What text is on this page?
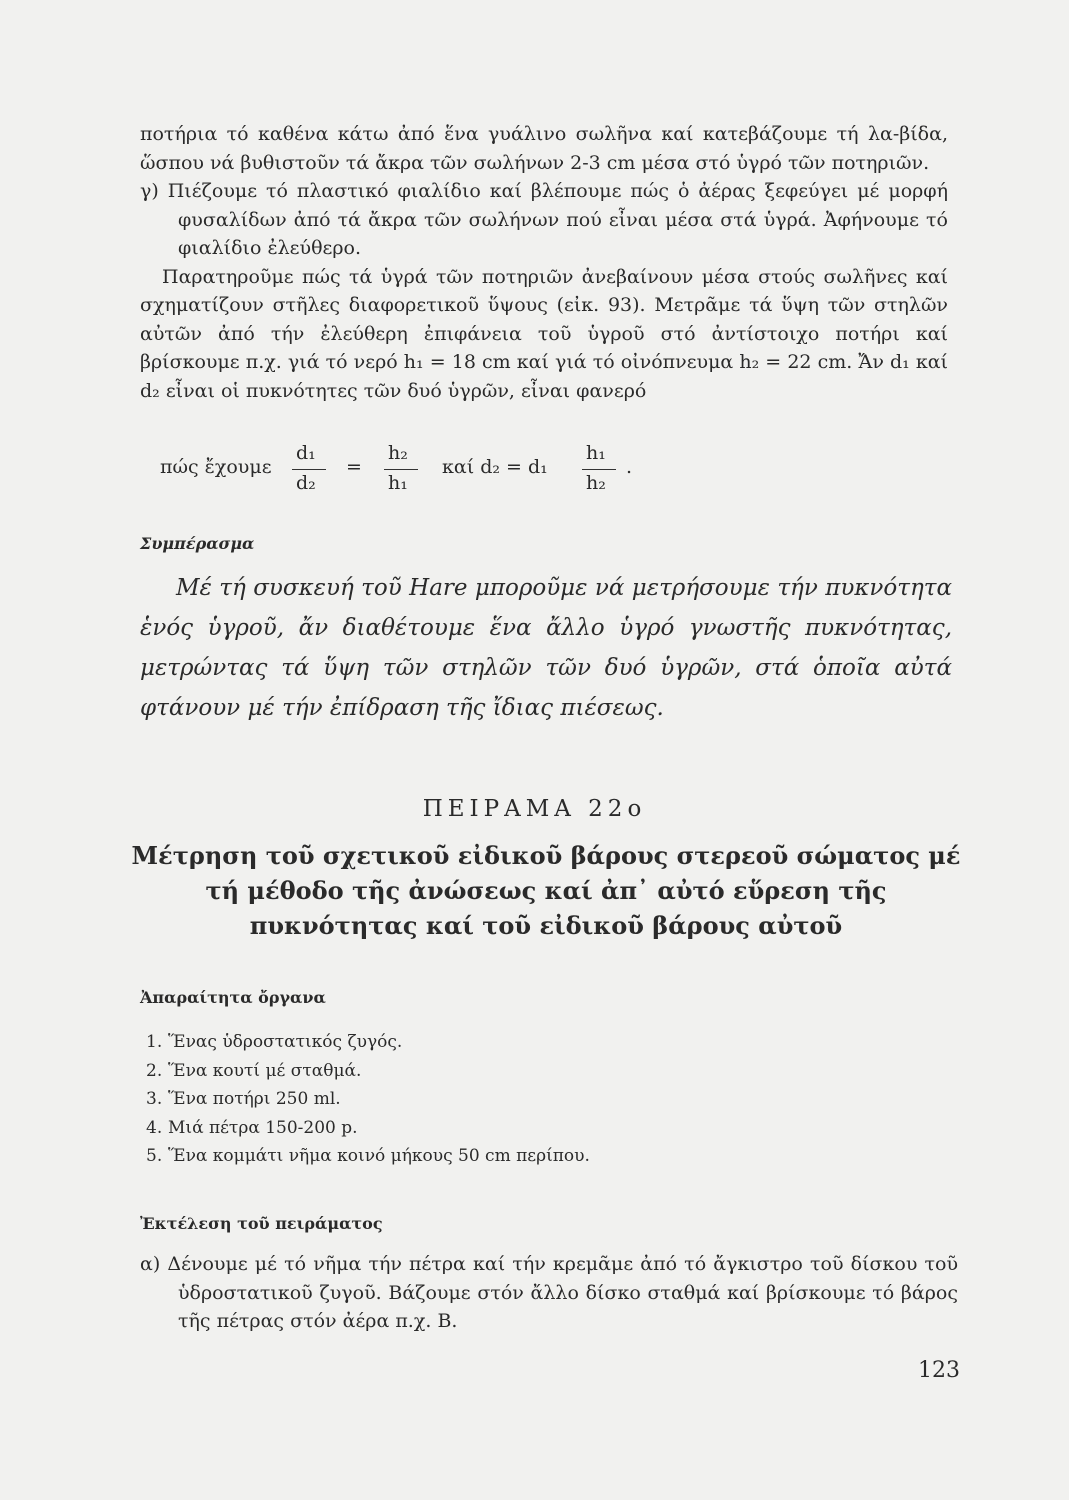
ποτήρια τό καθένα κάτω ἀπό ἕνα γυάλινο σωλῆνα καί κατεβάζουμε τή λα-βίδα, ὥσπου νά βυθιστοῦν τά ἄκρα τῶν σωλήνων 2-3 cm μέσα στό ὑγρό τῶν ποτηριῶν.

γ) Πιέζουμε τό πλαστικό φιαλίδιο καί βλέπουμε πώς ὁ ἀέρας ξεφεύγει μέ μορφή φυσαλίδων ἀπό τά ἄκρα τῶν σωλήνων πού εἶναι μέσα στά ὑγρά. Ἀφήνουμε τό φιαλίδιο ἐλεύθερο.

Παρατηροῦμε πώς τά ὑγρά τῶν ποτηριῶν ἀνεβαίνουν μέσα στούς σωλῆνες καί σχηματίζουν στῆλες διαφορετικοῦ ὕψους (εἰκ. 93). Μετρᾶμε τά ὕψη τῶν στηλῶν αὐτῶν ἀπό τήν ἐλεύθερη ἐπιφάνεια τοῦ ὑγροῦ στό ἀντίστοιχο ποτήρι καί βρίσκουμε π.χ. γιά τό νερό h₁ = 18 cm καί γιά τό οἰνόπνευμα h₂ = 22 cm. Ἄν d₁ καί d₂ εἶναι οἱ πυκνότητες τῶν δυό ὑγρῶν, εἶναι φανερό

πώς ἔχουμε
d₁
d₂
=
h₂
h₁
καί d₂ = d₁
h₁
h₂
.
Συμπέρασμα

Μέ τή συσκευή τοῦ Hare μποροῦμε νά μετρήσουμε τήν πυκνότητα ἑνός ὑγροῦ, ἄν διαθέτουμε ἕνα ἄλλο ὑγρό γνωστῆς πυκνότητας, μετρώντας τά ὕψη τῶν στηλῶν τῶν δυό ὑγρῶν, στά ὁποῖα αὐτά φτάνουν μέ τήν ἐπίδραση τῆς ἴδιας πιέσεως.

ΠΕΙΡΑΜΑ 22ο
Μέτρηση τοῦ σχετικοῦ εἰδικοῦ βάρους στερεοῦ σώματος μέ τή μέθοδο τῆς ἀνώσεως καί ἀπ᾽ αὐτό εὕρεση τῆς πυκνότητας καί τοῦ εἰδικοῦ βάρους αὐτοῦ
Ἀπαραίτητα ὄργανα
1. Ἕνας ὑδροστατικός ζυγός.
2. Ἕνα κουτί μέ σταθμά.
3. Ἕνα ποτήρι 250 ml.
4. Μιά πέτρα 150-200 p.
5. Ἕνα κομμάτι νῆμα κοινό μήκους 50 cm περίπου.
Ἐκτέλεση τοῦ πειράματος

α) Δένουμε μέ τό νῆμα τήν πέτρα καί τήν κρεμᾶμε ἀπό τό ἄγκιστρο τοῦ δίσκου τοῦ ὑδροστατικοῦ ζυγοῦ. Βάζουμε στόν ἄλλο δίσκο σταθμά καί βρίσκουμε τό βάρος τῆς πέτρας στόν ἀέρα π.χ. Β.

123
